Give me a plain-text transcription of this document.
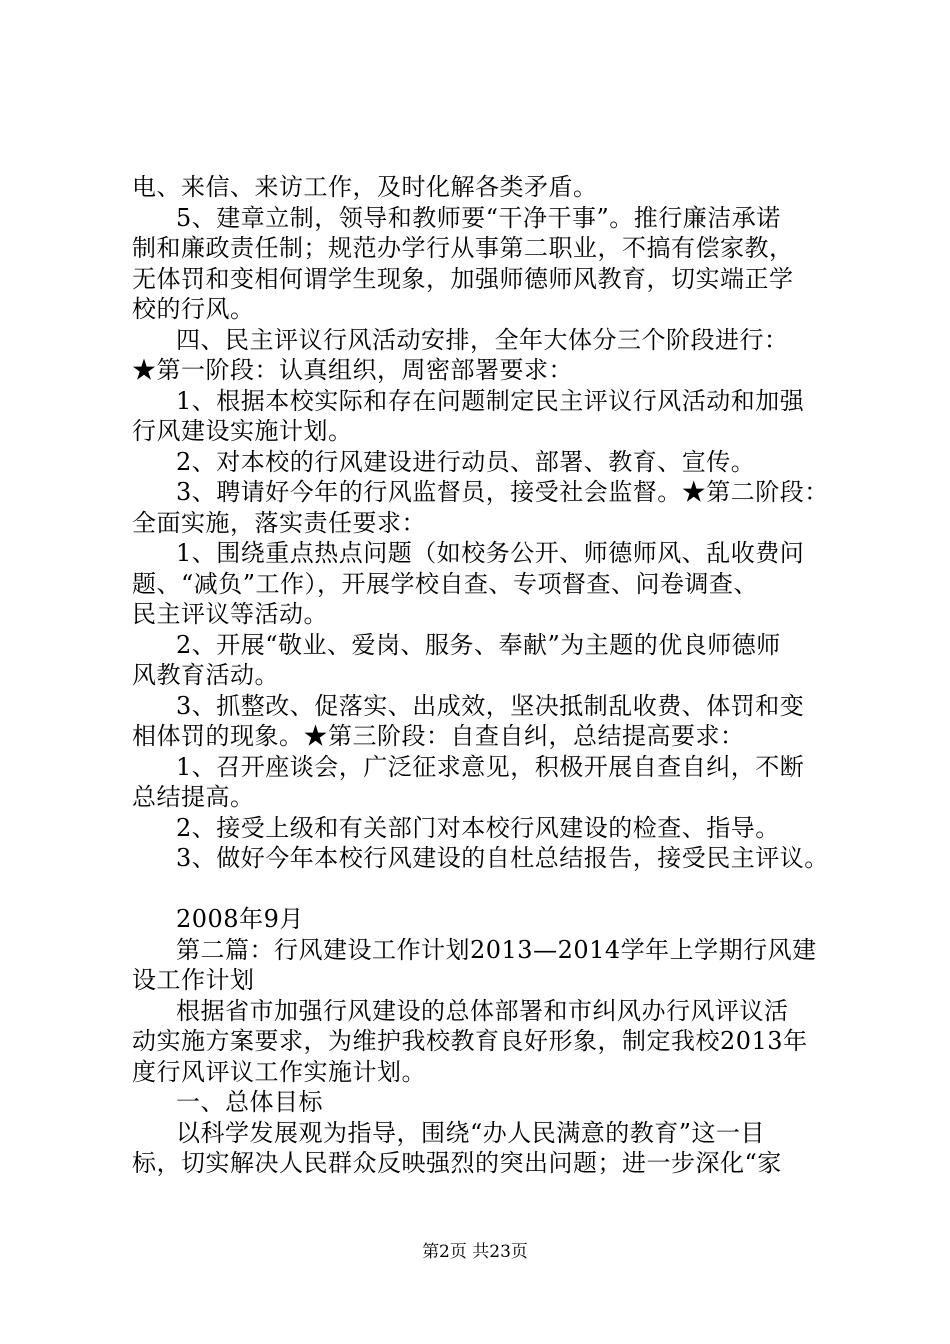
电、来信、来访工作，及时化解各类矛盾。
5、建章立制，领导和教师要“干净干事”。推行廉洁承诺
制和廉政责任制；规范办学行从事第二职业，不搞有偿家教，
无体罚和变相何谓学生现象，加强师德师风教育，切实端正学
校的行风。
四、民主评议行风活动安排，全年大体分三个阶段进行：
★第一阶段：认真组织，周密部署要求：
1、根据本校实际和存在问题制定民主评议行风活动和加强
行风建设实施计划。
2、对本校的行风建设进行动员、部署、教育、宣传。
3、聘请好今年的行风监督员，接受社会监督。★第二阶段：
全面实施，落实责任要求：
1、围绕重点热点问题（如校务公开、师德师风、乱收费问
题、“减负”工作），开展学校自查、专项督查、问卷调查、
民主评议等活动。
2、开展“敬业、爱岗、服务、奉献”为主题的优良师德师
风教育活动。
3、抓整改、促落实、出成效，坚决抵制乱收费、体罚和变
相体罚的现象。★第三阶段：自查自纠，总结提高要求：
1、召开座谈会，广泛征求意见，积极开展自查自纠，不断
总结提高。
2、接受上级和有关部门对本校行风建设的检查、指导。
3、做好今年本校行风建设的自杜总结报告，接受民主评议。
2008年9月
第二篇：行风建设工作计划2013—2014学年上学期行风建
设工作计划
根据省市加强行风建设的总体部署和市纠风办行风评议活
动实施方案要求，为维护我校教育良好形象，制定我校2013年
度行风评议工作实施计划。
一、总体目标
以科学发展观为指导，围绕“办人民满意的教育”这一目
标，切实解决人民群众反映强烈的突出问题；进一步深化“家
第2页 共23页
